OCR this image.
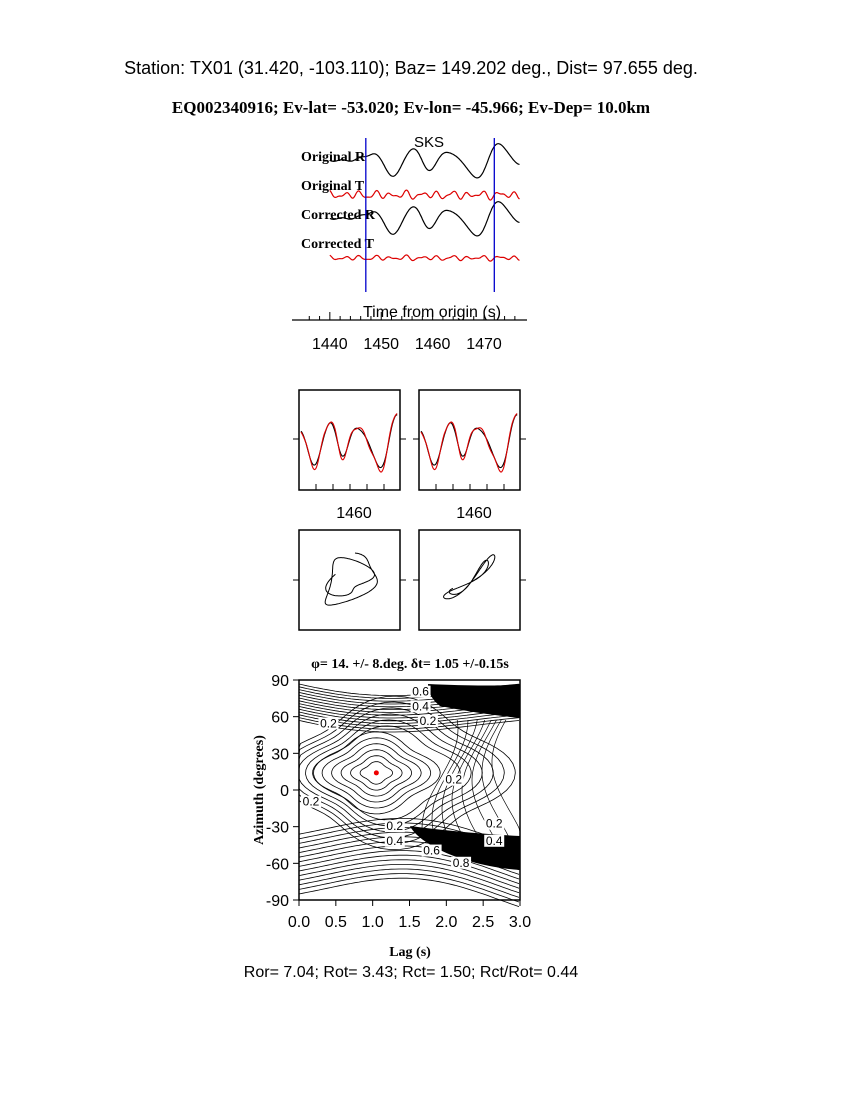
Station: TX01 (31.420, -103.110); Baz= 149.202 deg., Dist= 97.655 deg.
EQ002340916; Ev-lat= -53.020; Ev-lon= -45.966; Ev-Dep= 10.0km
SKS
Original R
Original T
Corrected R
Corrected T
Time from origin (s)
1440 1450 1460 1470
1460	1460
φ= 14. +/- 8.deg. δt= 1.05 +/-0.15s
0.6
0.4
0.2	0.2
0.2
0.2
0.2	0.2
0.4	0.4
0.6
0.8
0.0 0.5 1.0 1.5 2.0 2.5 3.0
90
60
30
0
-30
-60
-90
Lag (s)
Azimuth (degrees)
Ror= 7.04; Rot= 3.43; Rct= 1.50; Rct/Rot= 0.44
